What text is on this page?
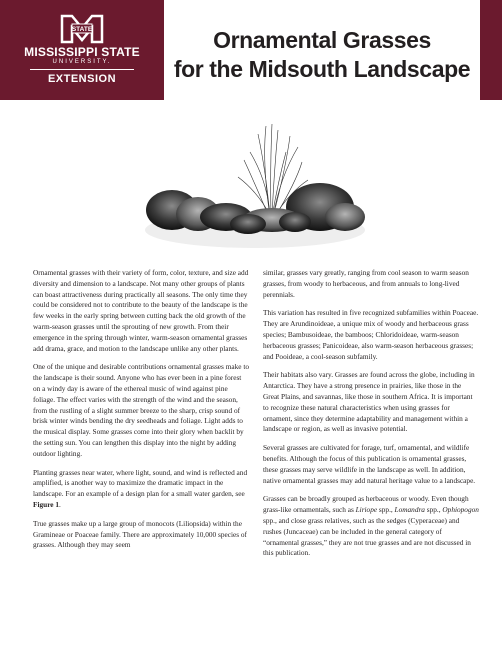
STATE
MISSISSIPPI STATE
UNIVERSITY.
EXTENSION
Ornamental Grasses
for the Midsouth Landscape

Ornamental grasses with their variety of form, color, texture, and size add diversity and dimension to a landscape. Not many other groups of plants can boast attractiveness during practically all seasons. The only time they could be considered not to contribute to the beauty of the landscape is the few weeks in the early spring between cutting back the old growth of the warm-season grasses until the sprouting of new growth. From their emergence in the spring through winter, warm-season ornamental grasses add drama, grace, and motion to the landscape unlike any other plants.

One of the unique and desirable contributions ornamental grasses make to the landscape is their sound. Anyone who has ever been in a pine forest on a windy day is aware of the ethereal music of wind against pine foliage. The effect varies with the strength of the wind and the season, from the rustling of a slight summer breeze to the sharp, crisp sound of brisk winter winds bending the dry seedheads and foliage. Light adds to the musical display. Some grasses come into their glory when backlit by the setting sun. You can lengthen this display into the night by adding outdoor lighting.

Planting grasses near water, where light, sound, and wind is reflected and amplified, is another way to maximize the dramatic impact in the landscape. For an example of a design plan for a small water garden, see Figure 1.

True grasses make up a large group of monocots (Liliopsida) within the Gramineae or Poaceae family. There are approximately 10,000 species of grasses. Although they may seem

similar, grasses vary greatly, ranging from cool season to warm season grasses, from woody to herbaceous, and from annuals to long-lived perennials.

This variation has resulted in five recognized subfamilies within Poaceae. They are Arundinoideae, a unique mix of woody and herbaceous grass species; Bambusoideae, the bamboos; Chloridoideae, warm-season herbaceous grasses; Panicoideae, also warm-season herbaceous grasses; and Pooideae, a cool-season subfamily.

Their habitats also vary. Grasses are found across the globe, including in Antarctica. They have a strong presence in prairies, like those in the Great Plains, and savannas, like those in southern Africa. It is important to recognize these natural characteristics when using grasses for ornament, since they determine adaptability and management within a landscape or region, as well as invasive potential.

Several grasses are cultivated for forage, turf, ornamental, and wildlife benefits. Although the focus of this publication is ornamental grasses, these grasses may serve wildlife in the landscape as well. In addition, native ornamental grasses may add natural heritage value to a landscape.

Grasses can be broadly grouped as herbaceous or woody. Even though grass-like ornamentals, such as Liriope spp., Lomandra spp., Ophiopogon spp., and close grass relatives, such as the sedges (Cyperaceae) and rushes (Juncaceae) can be included in the general category of “ornamental grasses,” they are not true grasses and are not discussed in this publication.
